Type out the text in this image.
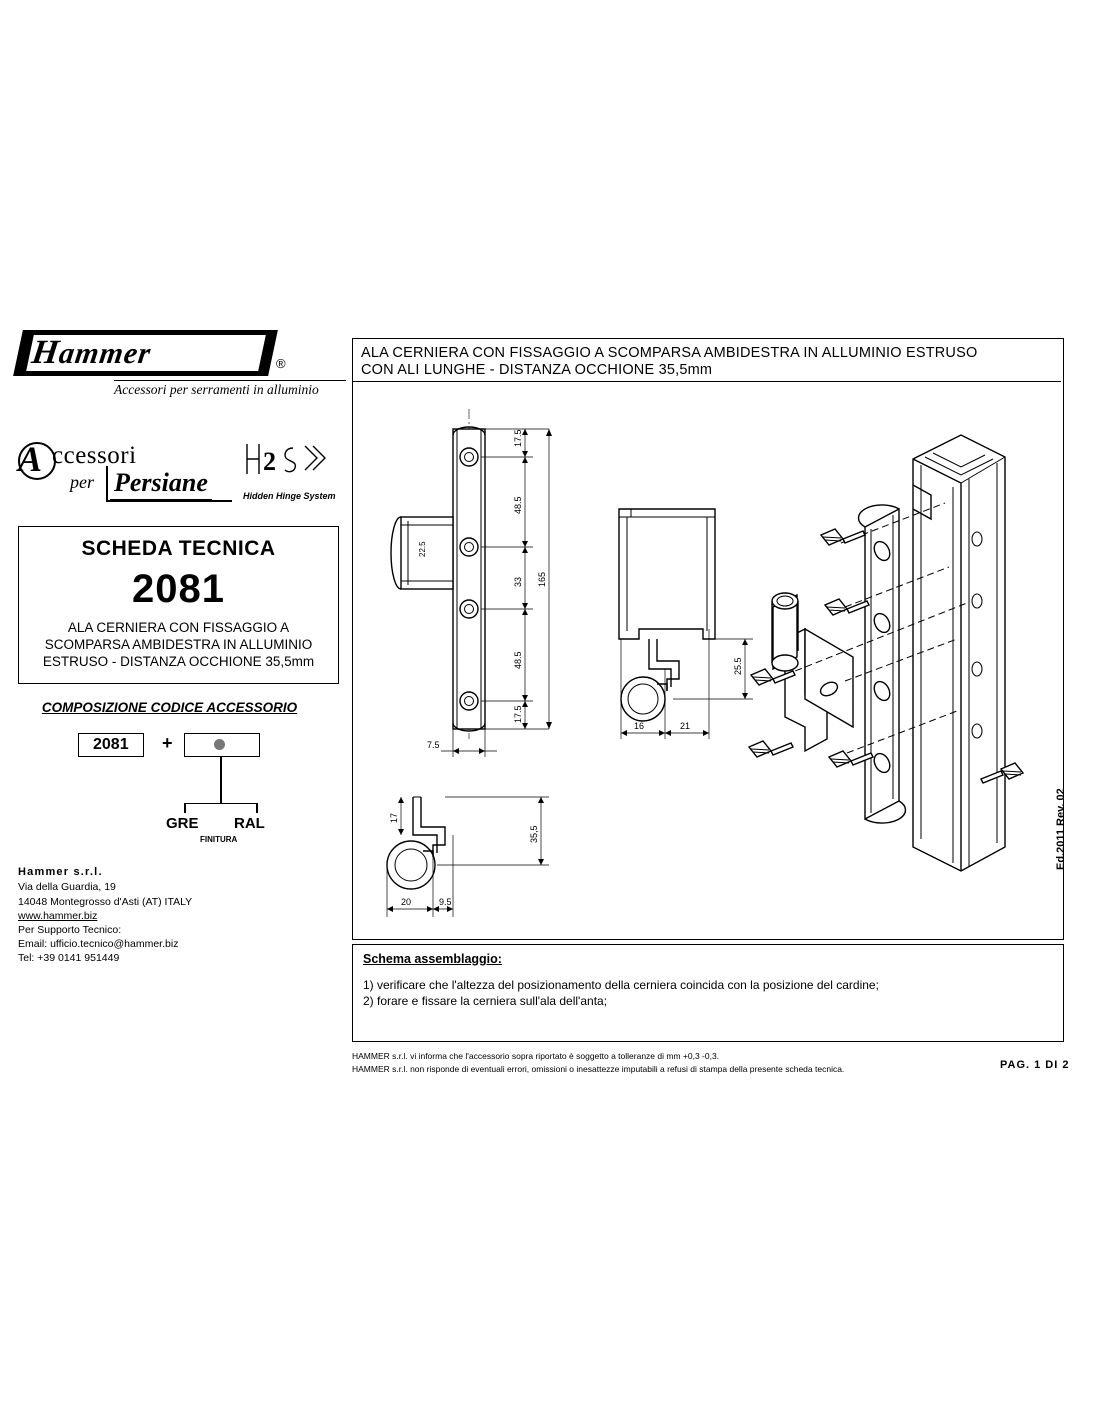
Hammer	®
Accessori per serramenti in alluminio
A ccessori
per Persiane
2
Hidden Hinge System
SCHEDA TECNICA
2081
ALA CERNIERA CON FISSAGGIO A SCOMPARSA AMBIDESTRA IN ALLUMINIO ESTRUSO - DISTANZA OCCHIONE 35,5mm
COMPOSIZIONE CODICE ACCESSORIO
2081	+
GRE RAL
FINITURA
Hammer s.r.l.
Via della Guardia, 19
14048 Montegrosso d'Asti (AT) ITALY
www.hammer.biz
Per Supporto Tecnico:
Email: ufficio.tecnico@hammer.biz
Tel: +39 0141 951449
ALA CERNIERA CON FISSAGGIO A SCOMPARSA AMBIDESTRA IN ALLUMINIO ESTRUSO
CON ALI LUNGHE - DISTANZA OCCHIONE 35,5mm
22.5
17.5
48.5
33
48.5
17.5
165
7.5
16	21
25.5
17
35,5
20	9.5
Schema assemblaggio:
1) verificare che l'altezza del posizionamento della cerniera coincida con la posizione del cardine;
2) forare e fissare la cerniera sull'ala dell'anta;
HAMMER s.r.l. vi informa che l'accessorio sopra riportato è soggetto a tolleranze di mm +0,3 -0,3.
HAMMER s.r.l. non risponde di eventuali errori, omissioni o inesattezze imputabili a refusi di stampa della presente scheda tecnica.	PAG. 1 DI 2
Ed.2011 Rev. 02
